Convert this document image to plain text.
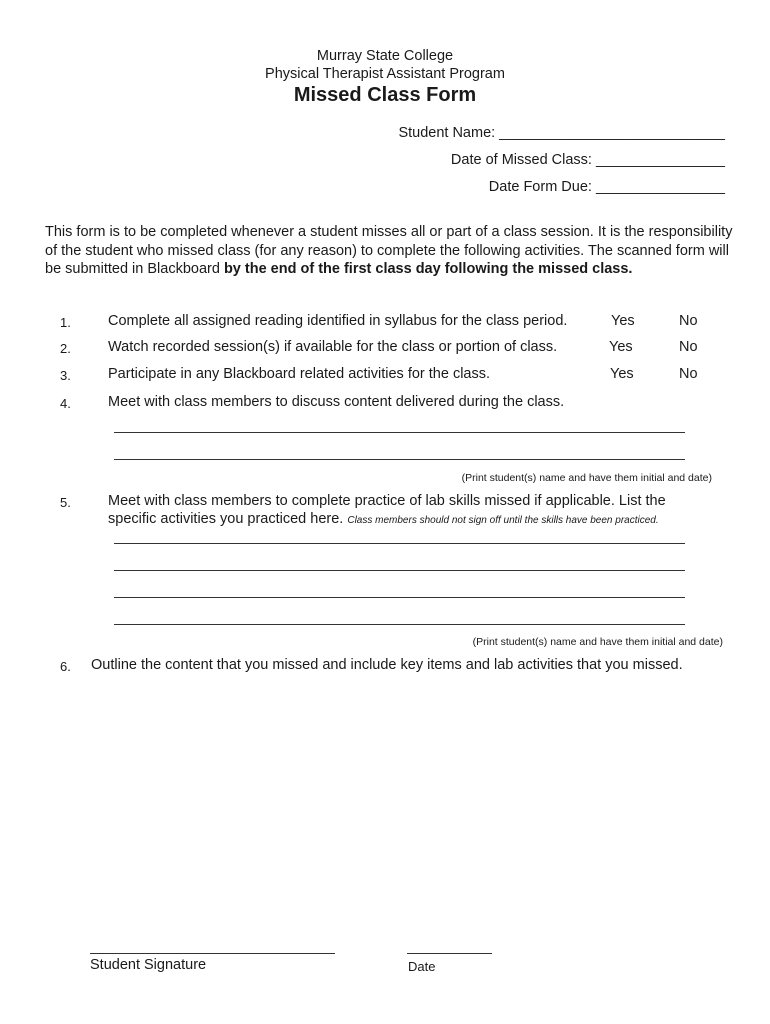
Murray State College
Physical Therapist Assistant Program
Missed Class Form
Student Name: ____________________________
Date of Missed Class: ________________
Date Form Due: ________________
This form is to be completed whenever a student misses all or part of a class session. It is the responsibility of the student who missed class (for any reason) to complete the following activities. The scanned form will be submitted in Blackboard by the end of the first class day following the missed class.
1.	Complete all assigned reading identified in syllabus for the class period.	Yes	No
2.	Watch recorded session(s) if available for the class or portion of class.	Yes	No
3.	Participate in any Blackboard related activities for the class.	Yes	No
4.	Meet with class members to discuss content delivered during the class.
(Print student(s) name and have them initial and date)
5.	Meet with class members to complete practice of lab skills missed if applicable. List the
specific activities you practiced here. Class members should not sign off until the skills have been practiced.
(Print student(s) name and have them initial and date)
6. Outline the content that you missed and include key items and lab activities that you missed.
Student Signature	Date
